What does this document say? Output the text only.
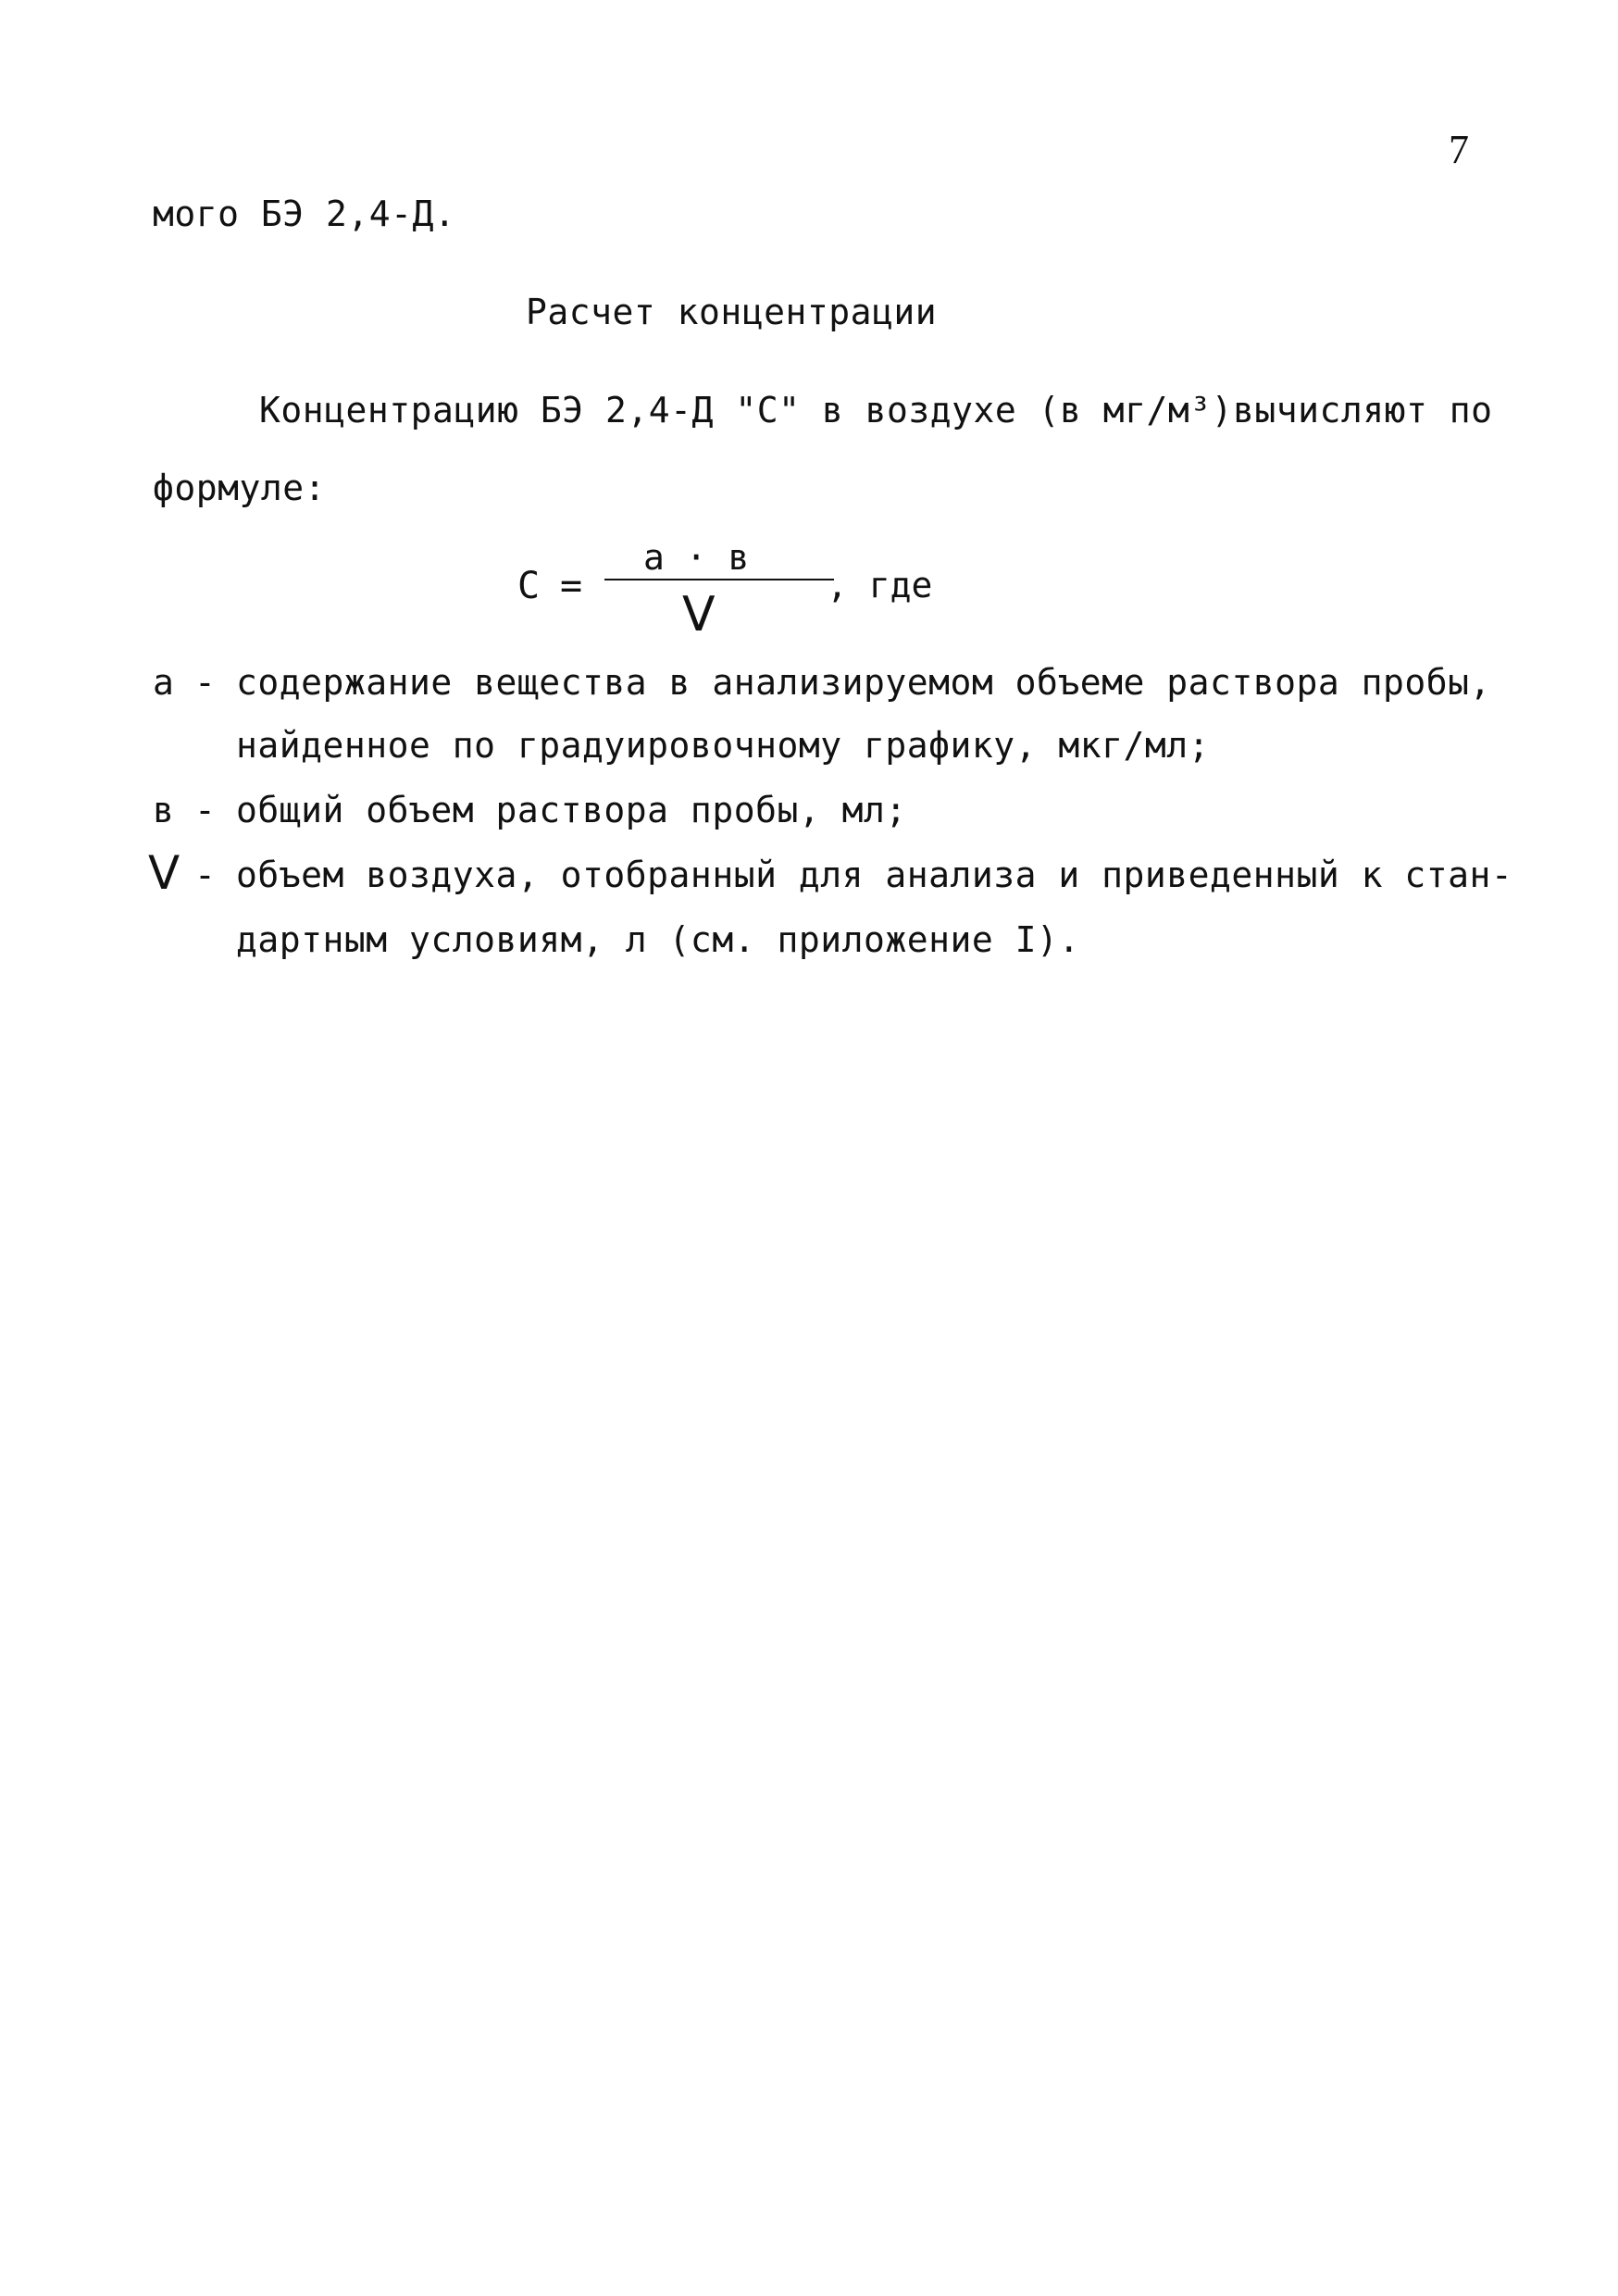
7
мого БЭ 2,4-Д.
Расчет концентрации
Концентрацию БЭ 2,4-Д "С" в воздухе (в мг/м³)вычисляют по
формуле:
С =
а · в
V
, где
а - содержание вещества в анализируемом объеме раствора пробы,
найденное по градуировочному графику, мкг/мл;
в - общий объем раствора пробы, мл;
V - объем воздуха, отобранный для анализа и приведенный к стан-
дартным условиям, л (см. приложение I).
